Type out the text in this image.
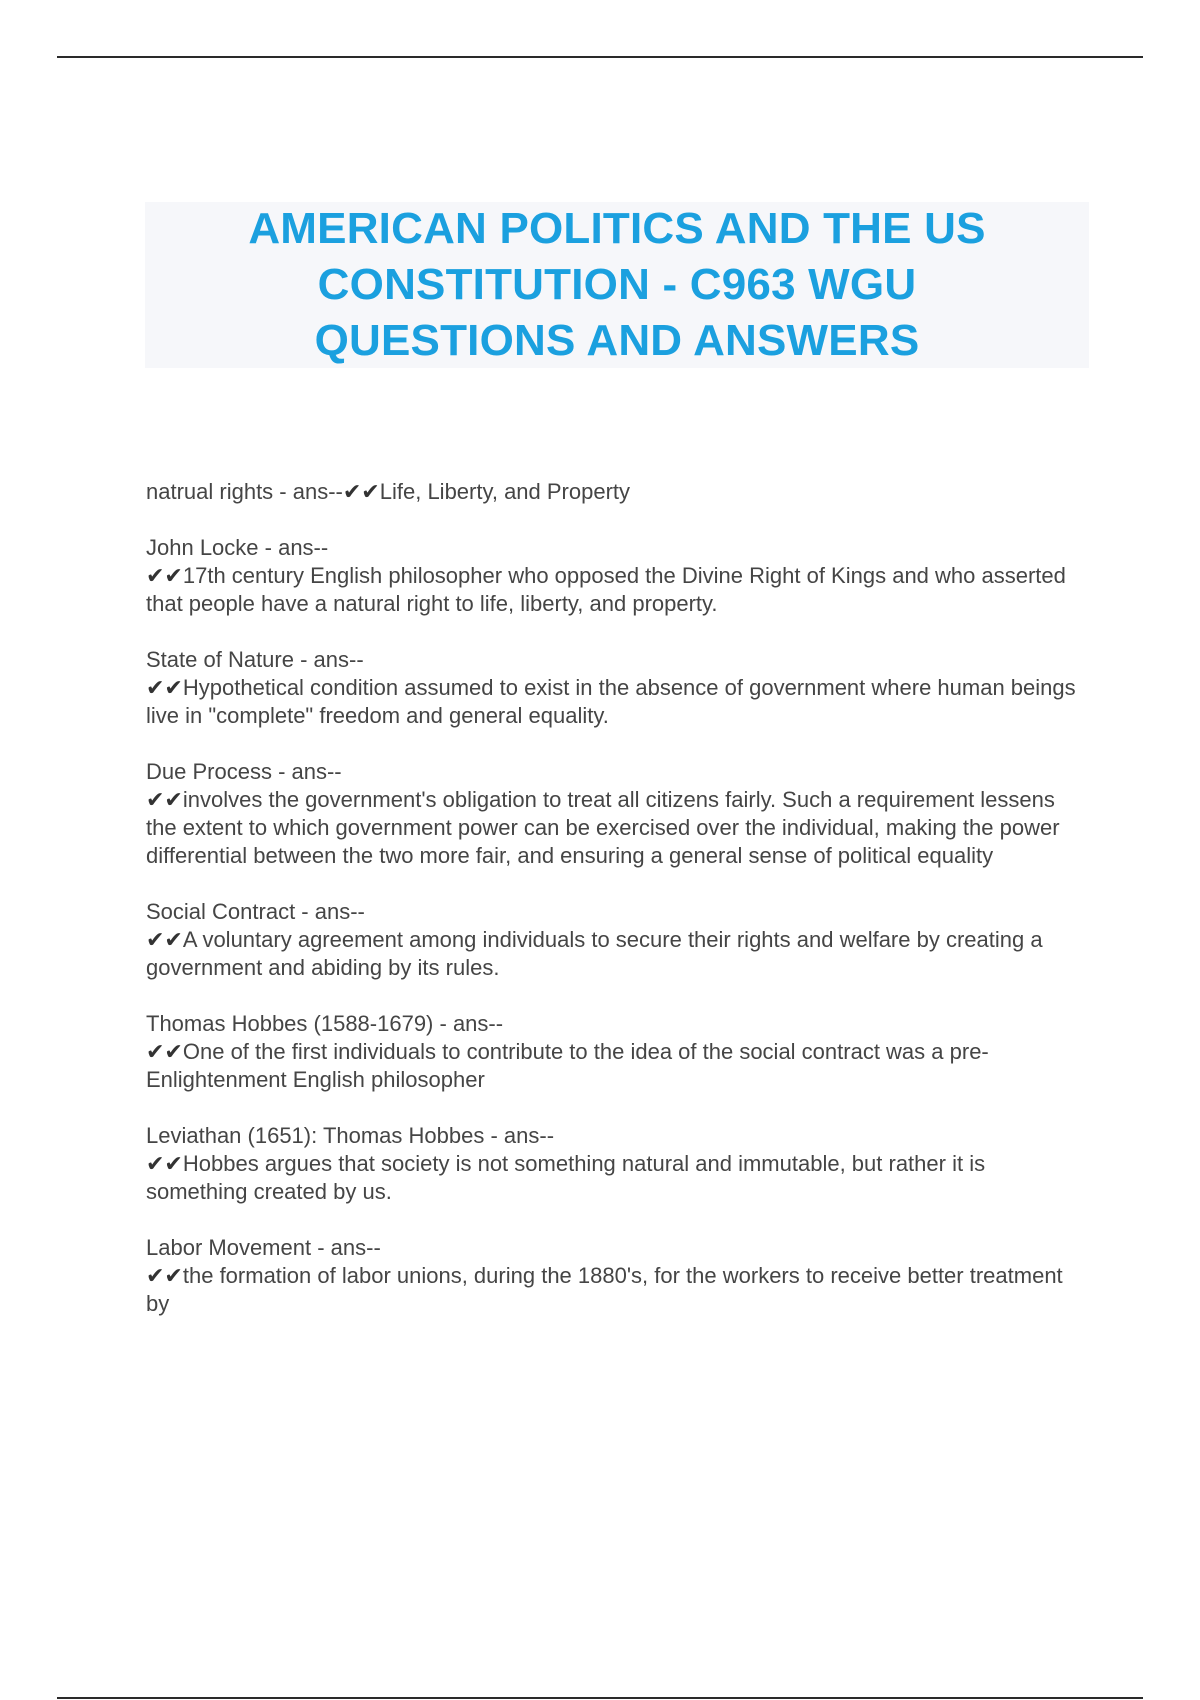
AMERICAN POLITICS AND THE US
CONSTITUTION - C963 WGU
QUESTIONS AND ANSWERS
natrual rights - ans--✔✔Life, Liberty, and Property
John Locke - ans--
✔✔17th century English philosopher who opposed the Divine Right of Kings and who asserted that people have a natural right to life, liberty, and property.
State of Nature - ans--
✔✔Hypothetical condition assumed to exist in the absence of government where human beings live in "complete" freedom and general equality.
Due Process - ans--
✔✔involves the government's obligation to treat all citizens fairly. Such a requirement lessens the extent to which government power can be exercised over the individual, making the power differential between the two more fair, and ensuring a general sense of political equality
Social Contract - ans--
✔✔A voluntary agreement among individuals to secure their rights and welfare by creating a government and abiding by its rules.
Thomas Hobbes (1588-1679) - ans--
✔✔One of the first individuals to contribute to the idea of the social contract was a pre-Enlightenment English philosopher
Leviathan (1651): Thomas Hobbes - ans--
✔✔Hobbes argues that society is not something natural and immutable, but rather it is something created by us.
Labor Movement - ans--
✔✔the formation of labor unions, during the 1880's, for the workers to receive better treatment by
